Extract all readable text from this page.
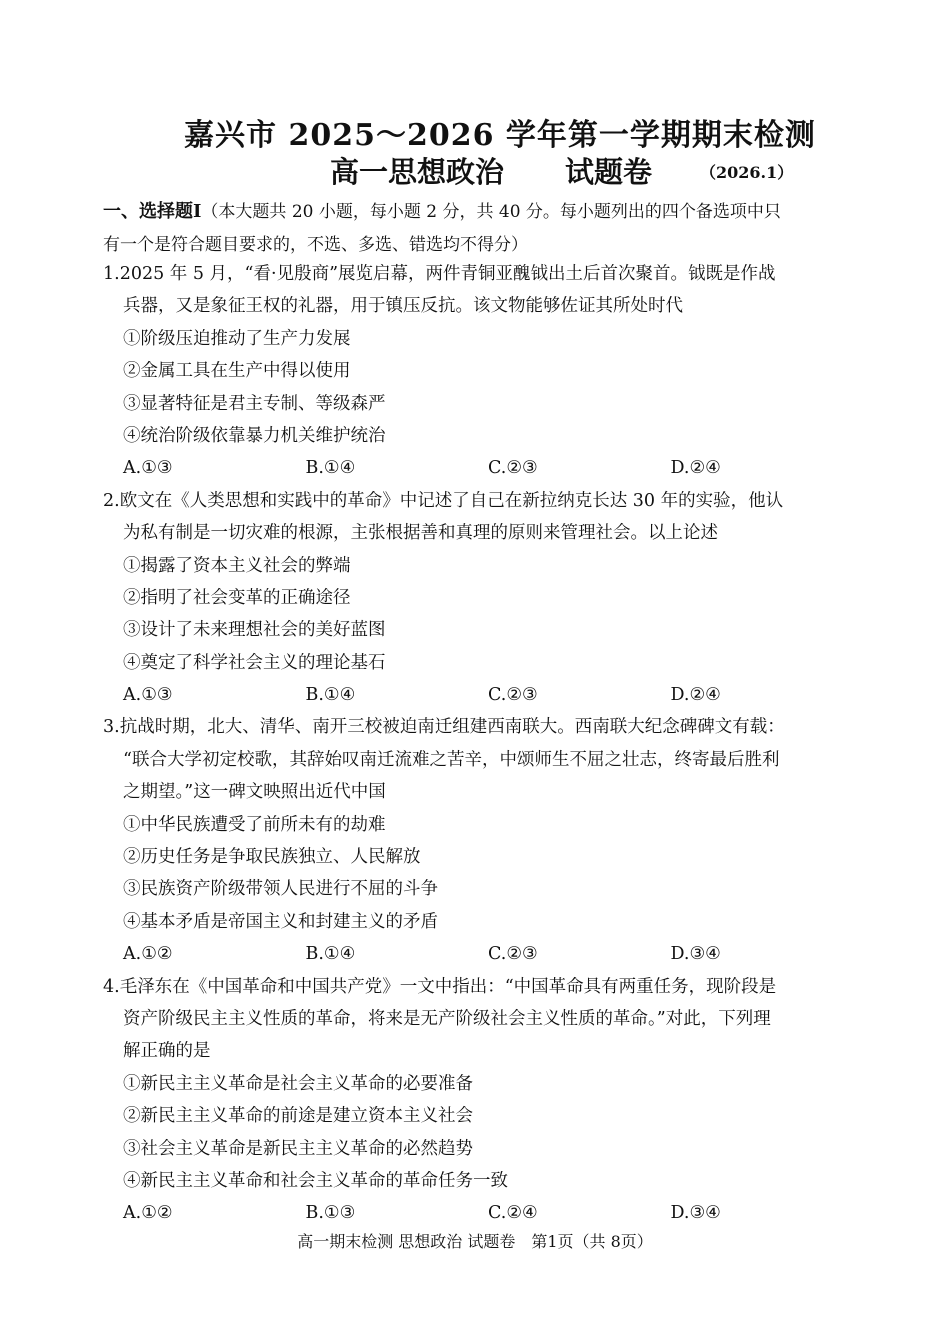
嘉兴市 2025～2026 学年第一学期期末检测
高一思想政治 试题卷	（2026.1）
一、选择题Ⅰ（本大题共 20 小题，每小题 2 分，共 40 分。每小题列出的四个备选项中只
有一个是符合题目要求的，不选、多选、错选均不得分）
1.2025 年 5 月，“看·见殷商”展览启幕，两件青铜亚醜钺出土后首次聚首。钺既是作战
兵器，又是象征王权的礼器，用于镇压反抗。该文物能够佐证其所处时代
①阶级压迫推动了生产力发展
②金属工具在生产中得以使用
③显著特征是君主专制、等级森严
④统治阶级依靠暴力机关维护统治
A.①③	B.①④	C.②③	D.②④
2.欧文在《人类思想和实践中的革命》中记述了自己在新拉纳克长达 30 年的实验，他认
为私有制是一切灾难的根源，主张根据善和真理的原则来管理社会。以上论述
①揭露了资本主义社会的弊端
②指明了社会变革的正确途径
③设计了未来理想社会的美好蓝图
④奠定了科学社会主义的理论基石
A.①③	B.①④	C.②③	D.②④
3.抗战时期，北大、清华、南开三校被迫南迁组建西南联大。西南联大纪念碑碑文有载：
“联合大学初定校歌，其辞始叹南迁流难之苦辛，中颂师生不屈之壮志，终寄最后胜利
之期望。”这一碑文映照出近代中国
①中华民族遭受了前所未有的劫难
②历史任务是争取民族独立、人民解放
③民族资产阶级带领人民进行不屈的斗争
④基本矛盾是帝国主义和封建主义的矛盾
A.①②	B.①④	C.②③	D.③④
4.毛泽东在《中国革命和中国共产党》一文中指出：“中国革命具有两重任务，现阶段是
资产阶级民主主义性质的革命，将来是无产阶级社会主义性质的革命。”对此，下列理
解正确的是
①新民主主义革命是社会主义革命的必要准备
②新民主主义革命的前途是建立资本主义社会
③社会主义革命是新民主主义革命的必然趋势
④新民主主义革命和社会主义革命的革命任务一致
A.①②	B.①③	C.②④	D.③④
高一期末检测 思想政治 试题卷　第1页（共 8页）
